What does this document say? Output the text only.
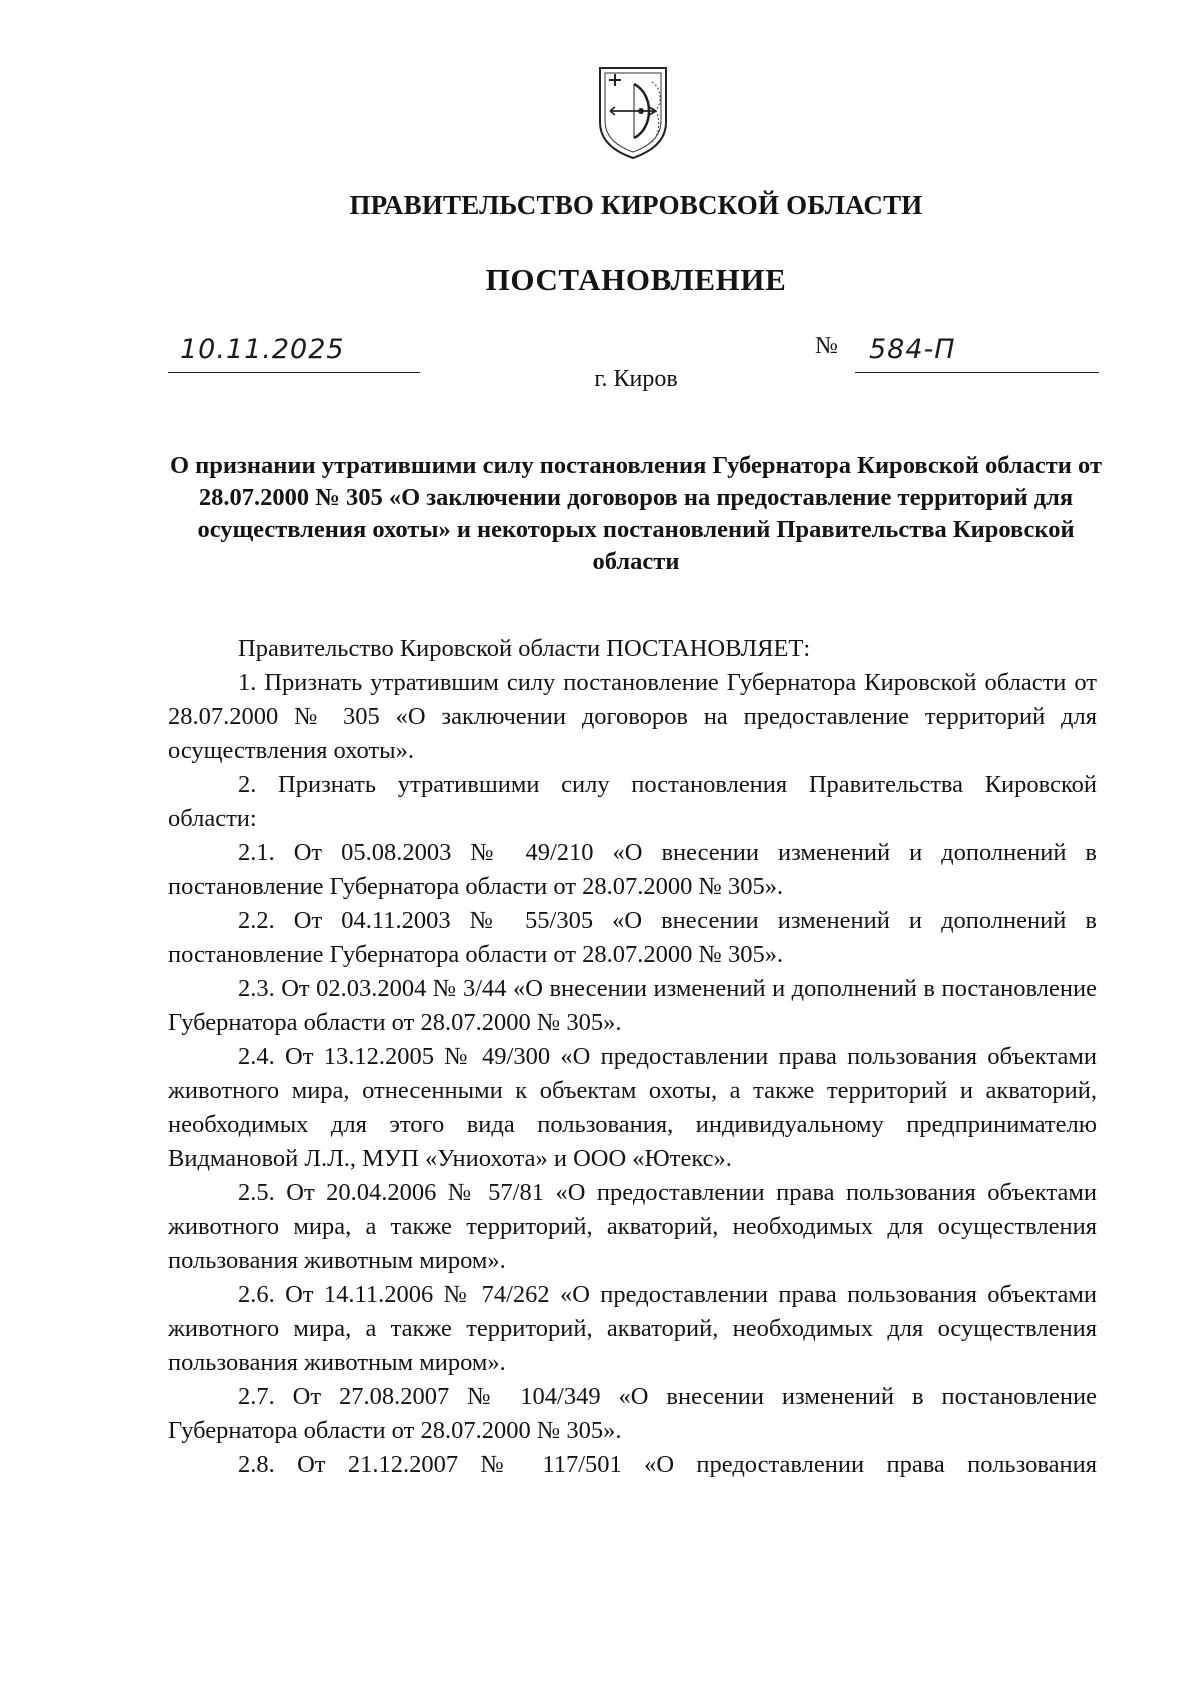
ПРАВИТЕЛЬСТВО КИРОВСКОЙ ОБЛАСТИ
ПОСТАНОВЛЕНИЕ
10.11.2025	№ 584-П
г. Киров
О признании утратившими силу постановления Губернатора Кировской области от 28.07.2000 № 305 «О заключении договоров на предоставление территорий для осуществления охоты» и некоторых постановлений Правительства Кировской области

Правительство Кировской области ПОСТАНОВЛЯЕТ:

1. Признать утратившим силу постановление Губернатора Кировской области от 28.07.2000 № 305 «О заключении договоров на предоставление территорий для осуществления охоты».

2. Признать утратившими силу постановления Правительства Кировской области:

2.1. От 05.08.2003 № 49/210 «О внесении изменений и дополнений в постановление Губернатора области от 28.07.2000 № 305».

2.2. От 04.11.2003 № 55/305 «О внесении изменений и дополнений в постановление Губернатора области от 28.07.2000 № 305».

2.3. От 02.03.2004 № 3/44 «О внесении изменений и дополнений в постановление Губернатора области от 28.07.2000 № 305».

2.4. От 13.12.2005 № 49/300 «О предоставлении права пользования объектами животного мира, отнесенными к объектам охоты, а также территорий и акваторий, необходимых для этого вида пользования, индивидуальному предпринимателю Видмановой Л.Л., МУП «Униохота» и ООО «Ютекс».

2.5. От 20.04.2006 № 57/81 «О предоставлении права пользования объектами животного мира, а также территорий, акваторий, необходимых для осуществления пользования животным миром».

2.6. От 14.11.2006 № 74/262 «О предоставлении права пользования объектами животного мира, а также территорий, акваторий, необходимых для осуществления пользования животным миром».

2.7. От 27.08.2007 № 104/349 «О внесении изменений в постановление Губернатора области от 28.07.2000 № 305».

2.8. От 21.12.2007 № 117/501 «О предоставлении права пользования
